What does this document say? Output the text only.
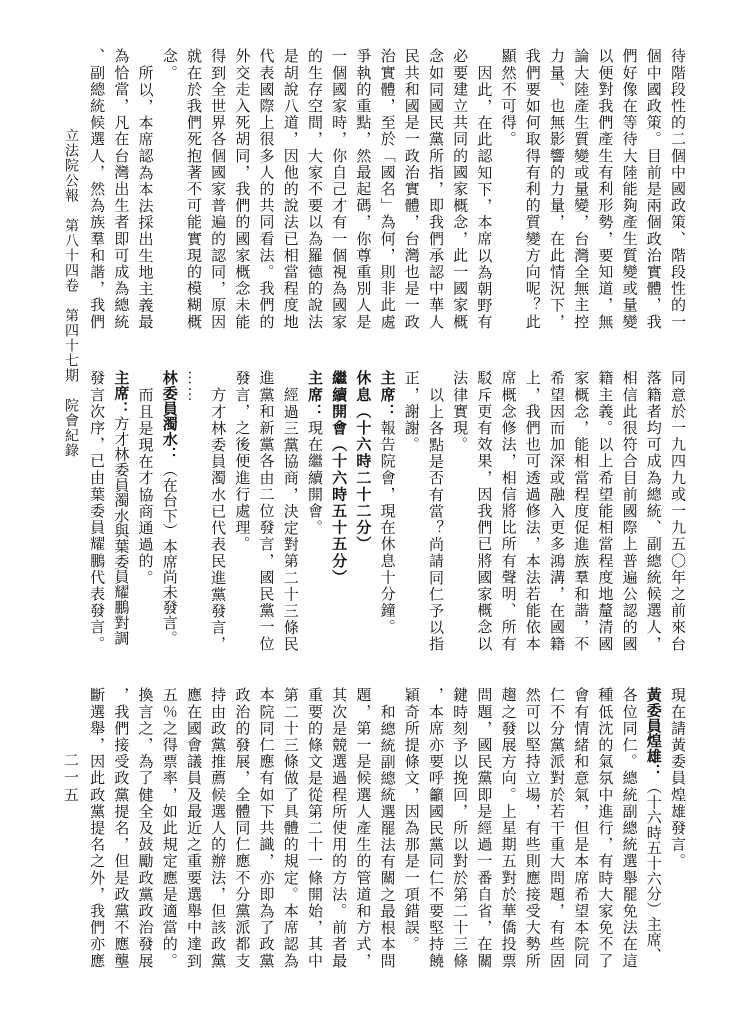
立法院公報　第八十四卷　第四十七期　院會紀錄
二一五
待階段性的二個中國政策、階段性的一
個中國政策。目前是兩個政治實體，我
們好像在等待大陸能夠產生質變或量變
以便對我們產生有利形勢，要知道，無
論大陸產生質變或量變，台灣全無主控
力量、也無影響的力量，在此情況下，
我們要如何取得有利的質變方向呢？此
顯然不可得。
因此，在此認知下，本席以為朝野有
必要建立共同的國家概念，此一國家概
念如同國民黨所指，即我們承認中華人
民共和國是一政治實體，台灣也是一政
治實體，至於「國名」為何，則非此處
爭執的重點，然最起碼，你尊重別人是
一個國家時，你自己才有一個視為國家
的生存空間，大家不要以為羅德的說法
是胡說八道，因他的說法已相當程度地
代表國際上很多人的共同看法。我們的
外交走入死胡同，我們的國家概念未能
得到全世界各個國家普遍的認同，原因
就在於我們死抱著不可能實現的模糊概
念。
所以，本席認為本法採出生地主義最
為恰當，凡在台灣出生者即可成為總統
、副總統候選人，然為族羣和諧，我們
同意於一九四九或一九五〇年之前來台
落籍者均可成為總統、副總統候選人，
相信此很符合目前國際上普遍公認的國
籍主義。以上希望能相當程度地釐清國
家概念，能相當程度促進族羣和諧，不
希望因而加深或融入更多鴻溝，在國籍
上，我們也可透過修法，本法若能依本
席概念修法，相信將比所有聲明、所有
駁斥更有效果，因我們已將國家概念以
法律實現。
以上各點是否有當？尚請同仁予以指
正，謝謝。
主席：報告院會，現在休息十分鐘。
休息（十六時二十二分）
繼續開會（十六時五十五分）
主席：現在繼續開會。
經過三黨協商，決定對第二十三條民
進黨和新黨各由二位發言，國民黨一位
發言，之後便進行處理。
方才林委員濁水已代表民進黨發言，
……
林委員濁水：（在台下）本席尚未發言。
而且是現在才協商通過的。
主席：方才林委員濁水與葉委員耀鵬對調
發言次序，已由葉委員耀鵬代表發言。
現在請黃委員煌雄發言。
黃委員煌雄：（十六時五十六分）主席、
各位同仁。總統副總統選舉罷免法在這
種低沈的氣氛中進行，有時大家免不了
會有情緒和意氣，但是本席希望本院同
仁不分黨派對於若干重大問題，有些固
然可以堅持立場，有些則應接受大勢所
趨之發展方向。上星期五對於華僑投票
問題，國民黨即是經過一番自省，在關
鍵時刻予以挽回，所以對於第二十三條
，本席亦要呼籲國民黨同仁不要堅持饒
穎奇所提條文，因為那是一項錯誤。
和總統副總統選罷法有關之最根本問
題，第一是候選人產生的管道和方式，
其次是競選過程所使用的方法。前者最
重要的條文是從第二十一條開始，其中
第二十三條做了具體的規定。本席認為
本院同仁應有如下共識，亦即為了政黨
政治的發展，全體同仁應不分黨派都支
持由政黨推薦候選人的辦法，但該政黨
應在國會議員及最近之重要選舉中達到
五％之得票率，如此規定應是適當的。
換言之，為了健全及鼓勵政黨政治發展
，我們接受政黨提名，但是政黨不應壟
斷選舉，因此政黨提名之外，我們亦應
